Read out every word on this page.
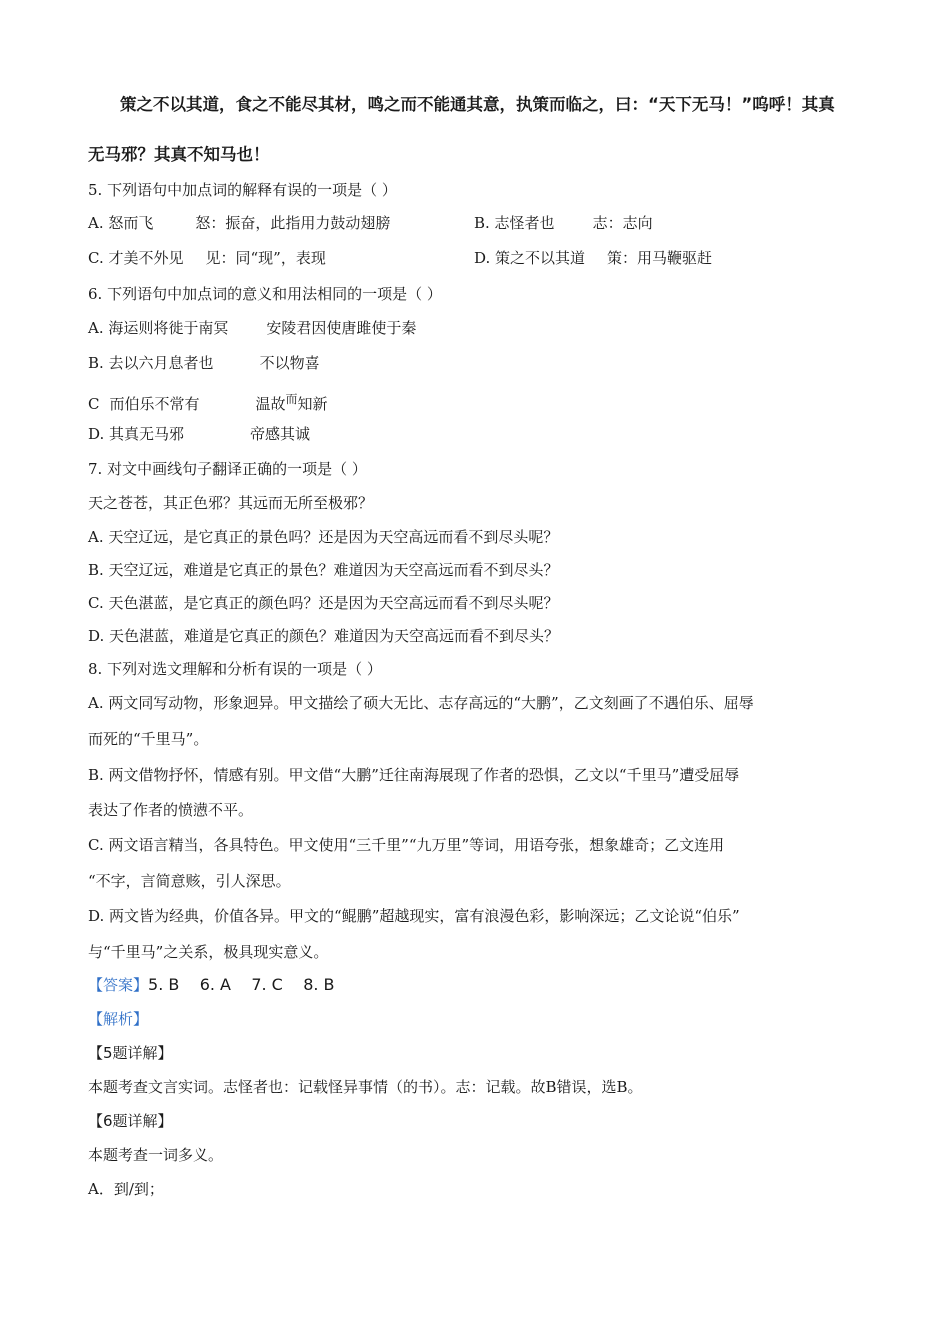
策之不以其道，食之不能尽其材，鸣之而不能通其意，执策而临之，曰：“天下无马！”呜呼！其真
无马邪？其真不知马也！
5. 下列语句中加点词的解释有误的一项是（ ）
A. 怒而飞	怒：振奋，此指用力鼓动翅膀	B. 志怪者也	志：志向
C. 才美不外见 见：同“现”，表现	D. 策之不以其道 策：用马鞭驱赶
6. 下列语句中加点词的意义和用法相同的一项是（ ）
A. 海运则将徙于南冥	安陵君因使唐雎使于秦
B. 去以六月息者也	不以物喜
C 而伯乐不常有	温故$^而$知新
D. 其真无马邪	帝感其诚
7. 对文中画线句子翻译正确的一项是（ ）
天之苍苍，其正色邪？其远而无所至极邪？
A. 天空辽远，是它真正的景色吗？还是因为天空高远而看不到尽头呢？
B. 天空辽远，难道是它真正的景色？难道因为天空高远而看不到尽头？
C. 天色湛蓝，是它真正的颜色吗？还是因为天空高远而看不到尽头呢？
D. 天色湛蓝，难道是它真正的颜色？难道因为天空高远而看不到尽头？
8. 下列对选文理解和分析有误的一项是（ ）
A. 两文同写动物，形象迥异。甲文描绘了硕大无比、志存高远的“大鹏”，乙文刻画了不遇伯乐、屈辱
而死的“千里马”。
B. 两文借物抒怀，情感有别。甲文借“大鹏”迁往南海展现了作者的恐惧，乙文以“千里马”遭受屈辱
表达了作者的愤懑不平。
C. 两文语言精当，各具特色。甲文使用“三千里”“九万里”等词，用语夸张，想象雄奇；乙文连用
“不字，言简意赅，引人深思。
D. 两文皆为经典，价值各异。甲文的“鲲鹏”超越现实，富有浪漫色彩，影响深远；乙文论说“伯乐”
与“千里马”之关系，极具现实意义。
【答案】5. B    6. A    7. C    8. B
【解析】
【5题详解】
本题考查文言实词。志怪者也：记载怪异事情（的书）。志：记载。故B错误，选B。
【6题详解】
本题考查一词多义。
A．到/到；
